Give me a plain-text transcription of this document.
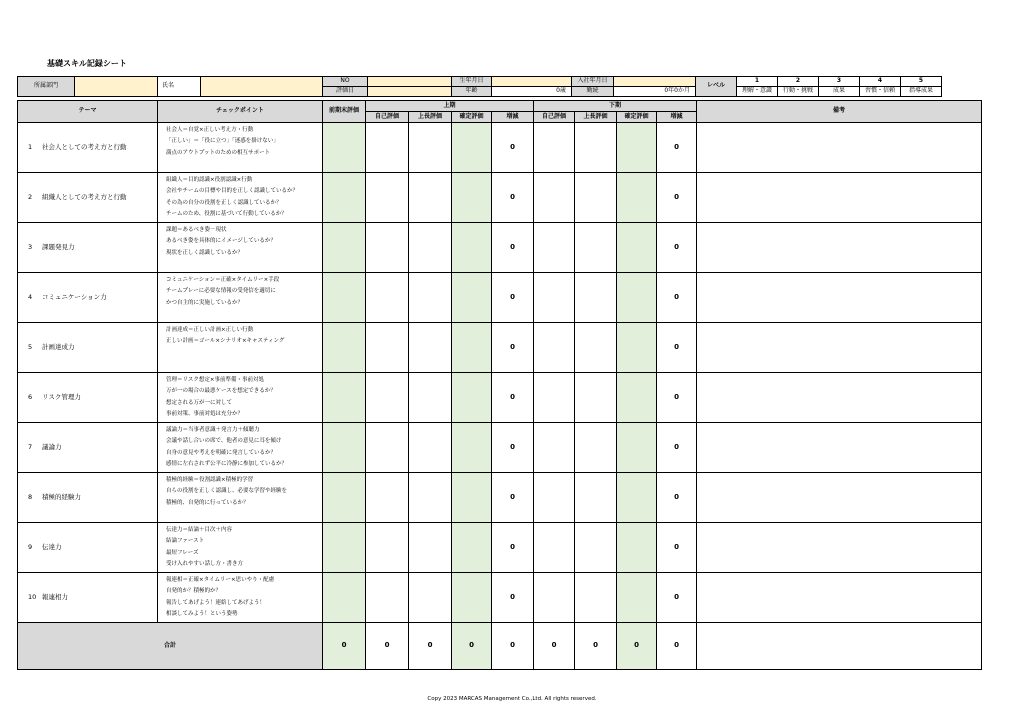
基礎スキル記録シート
所属部門		氏名		NO		生年月日		入社年月日	
				評価日		年齢	0歳	勤続	0年0か月
レベル	1	2	3	4	5
	理解・意識	行動・挑戦	成果	習慣・信頼	指導成果
テーマ	チェックポイント	前期末評価	上期				下期				備考
			自己評価	上長評価	確定評価	増減	自己評価	上長評価	確定評価	増減	
1 社会人としての考え方と行動	社会人＝自覚×正しい考え方・行動
「正しい」＝「役に立つ」「迷惑を掛けない」
満点のアウトプットのための相互サポート					0				0	
2 組織人としての考え方と行動	組織人＝目的認識×役割認識×行動
会社やチームの目標や目的を正しく認識しているか？
その為の自分の役割を正しく認識しているか？
チームのため、役割に基づいて行動しているか？					0				0	
3 課題発見力	課題＝あるべき姿－現状
あるべき姿を具体的にイメージしているか？
現状を正しく認識しているか？					0				0	
4 コミュニケーション力	コミュニケーション＝正確×タイムリー×手段
チームプレーに必要な情報の受発信を適切に
かつ自主的に実施しているか？					0				0	
5 計画達成力	計画達成＝正しい計画×正しい行動
正しい計画＝ゴール×シナリオ×キャスティング					0				0	
6 リスク管理力	管理＝リスク想定×事前準備・事前対処
万が一の場合の最悪ケースを想定できるか？
想定される万が一に対して
事前対策、事前対処は充分か？					0				0	
7 議論力	議論力＝当事者意識＋発言力＋傾聴力
会議や話し合いの席で、他者の意見に耳を傾け
自身の意見や考えを明確に発言しているか？
感情に左右されず公平に冷静に参加しているか？					0				0	
8 積極的経験力	積極的経験＝役割認識×積極的学習
自らの役割を正しく認識し、必要な学習や経験を
積極的、自発的に行っているか？					0				0	
9 伝達力	伝達力＝結論＋目次＋内容
結論ファースト
最短フレーズ
受け入れやすい話し方・書き方					0				0	
10 報連相力	報連相＝正確×タイムリー×思いやり・配慮
自発的か？積極的か？
報告してあげよう！連絡してあげよう！
相談してみよう！という姿勢					0				0	
合計		0	0	0	0	0	0	0	0	0	
Copy 2023 MARCAS Management Co.,Ltd. All rights reserved.
